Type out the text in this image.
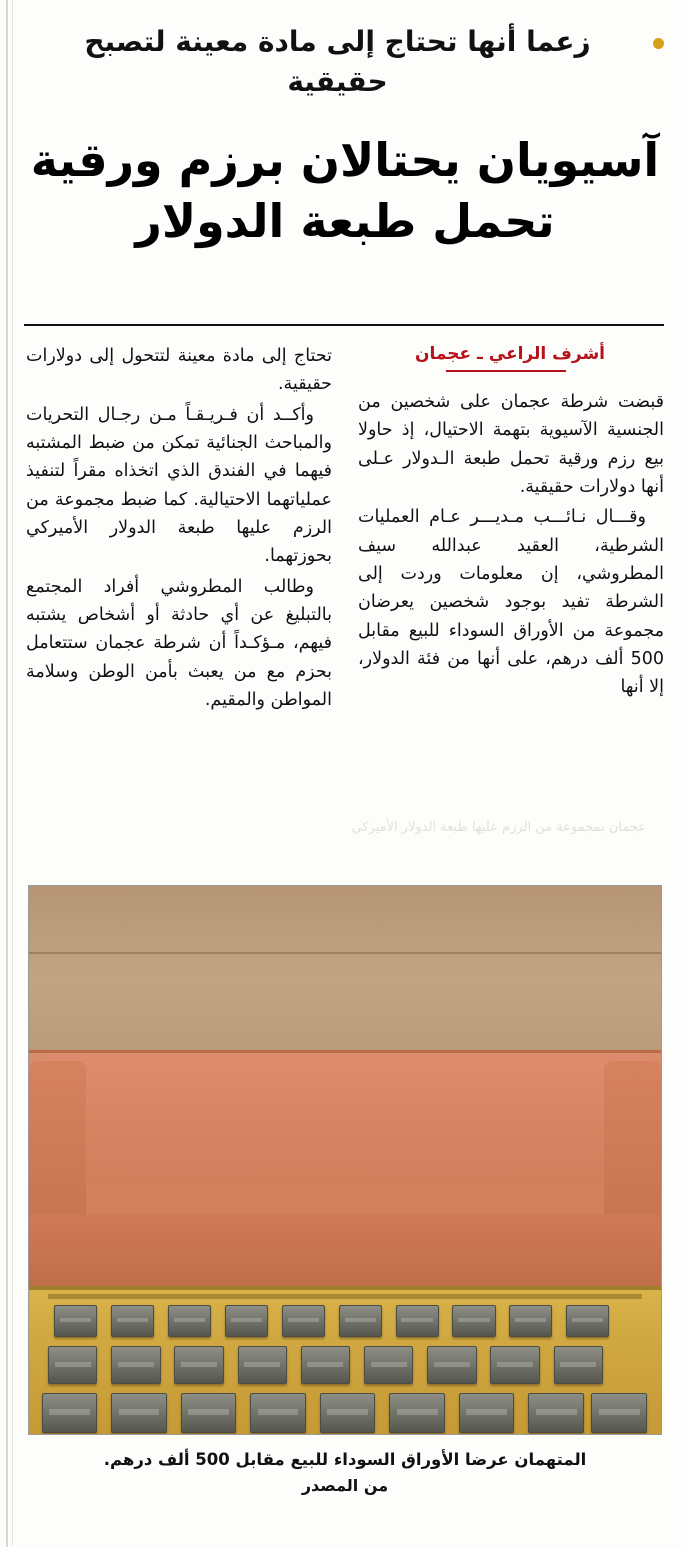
زعما أنها تحتاج إلى مادة معينة لتصبح حقيقية
آسيويان يحتالان برزم ورقية تحمل طبعة الدولار
أشرف الراعي ـ عجمان

قبضت شرطة عجمان على شخصين من الجنسية الآسيوية بتهمة الاحتيال، إذ حاولا بيع رزم ورقية تحمل طبعة الـدولار عـلى أنها دولارات حقيقية.

وقـــال نـائـــب مـديـــر عـام العمليات الشرطية، العقيد عبدالله سيف المطروشي، إن معلومات وردت إلى الشرطة تفيد بوجود شخصين يعرضان مجموعة من الأوراق السوداء للبيع مقابل 500 ألف درهم، على أنها من فئة الدولار، إلا أنها

تحتاج إلى مادة معينة لتتحول إلى دولارات حقيقية.

وأكــد أن فـريـقـاً مـن رجـال التحريات والمباحث الجنائية تمكن من ضبط المشتبه فيهما في الفندق الذي اتخذاه مقراً لتنفيذ عملياتهما الاحتيالية. كما ضبط مجموعة من الرزم عليها طبعة الدولار الأميركي بحوزتهما.

وطالب المطروشي أفراد المجتمع بالتبليغ عن أي حادثة أو أشخاص يشتبه فيهم، مـؤكـداً أن شرطة عجمان ستتعامل بحزم مع من يعبث بأمن الوطن وسلامة المواطن والمقيم.

عجمان بمجموعة من الرزم عليها طبعة الدولار الأميركي
المتهمان عرضا الأوراق السوداء للبيع مقابل 500 ألف درهم.
من المصدر
